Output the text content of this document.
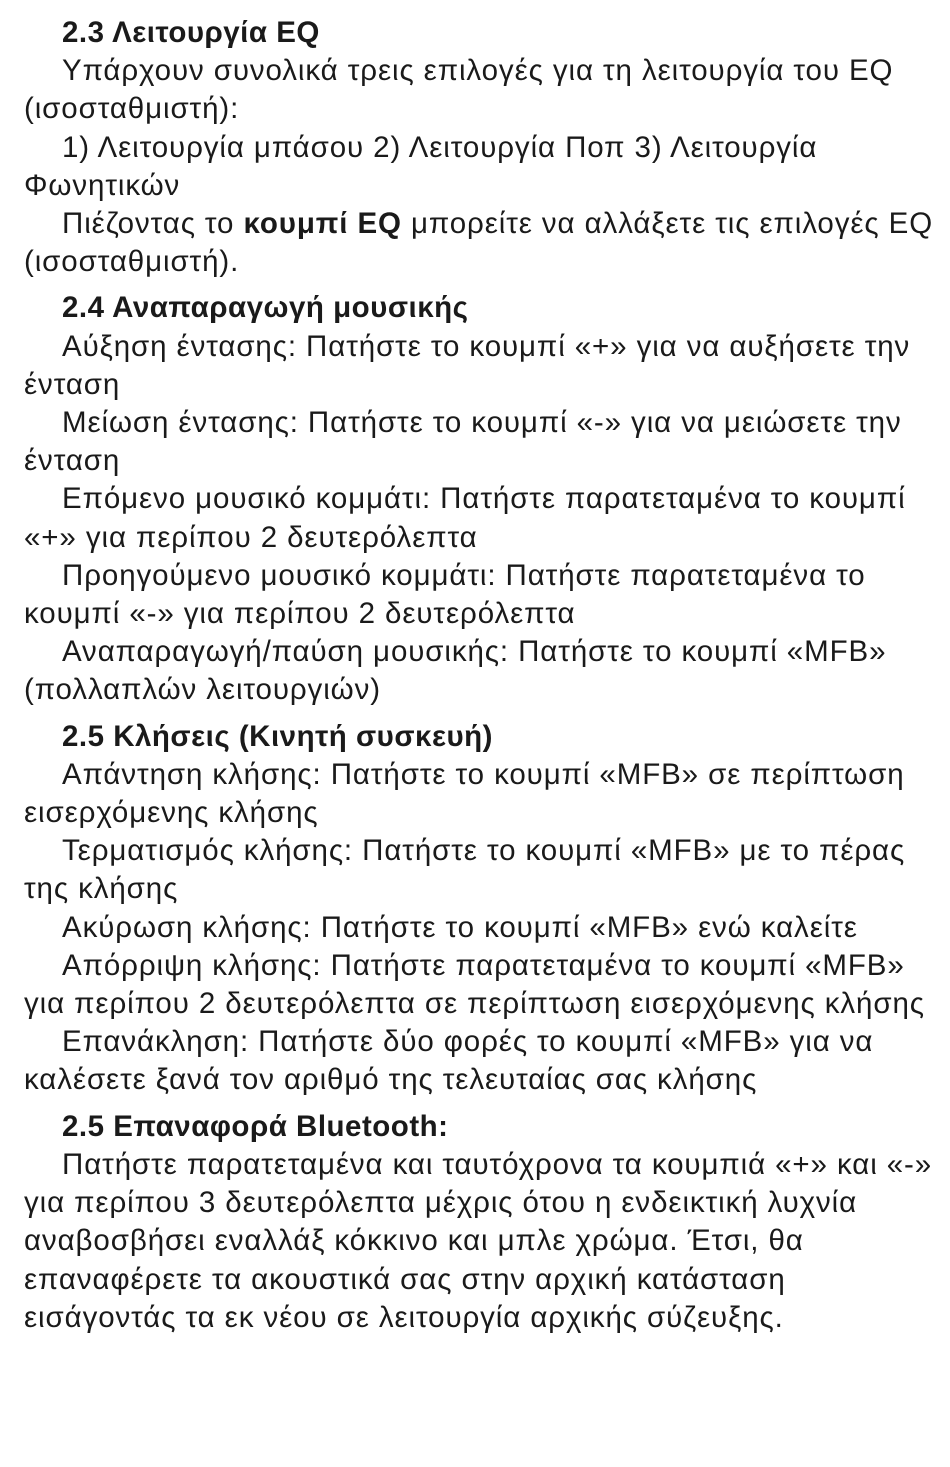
2.3 Λειτουργία EQ

Υπάρχουν συνολικά τρεις επιλογές για τη λειτουργία του EQ (ισοσταθμιστή):

1) Λειτουργία μπάσου 2) Λειτουργία Ποπ 3) Λειτουργία Φωνητικών

Πιέζοντας το κουμπί EQ μπορείτε να αλλάξετε τις επιλογές EQ (ισοσταθμιστή).

2.4 Αναπαραγωγή μουσικής

Αύξηση έντασης: Πατήστε το κουμπί «+» για να αυξήσετε την ένταση

Μείωση έντασης: Πατήστε το κουμπί «-» για να μειώσετε την ένταση

Επόμενο μουσικό κομμάτι: Πατήστε παρατεταμένα το κουμπί «+» για περίπου 2 δευτερόλεπτα

Προηγούμενο μουσικό κομμάτι: Πατήστε παρατεταμένα το κουμπί «-» για περίπου 2 δευτερόλεπτα

Αναπαραγωγή/παύση μουσικής: Πατήστε το κουμπί «MFB» (πολλαπλών λειτουργιών)

2.5 Κλήσεις (Κινητή συσκευή)

Απάντηση κλήσης: Πατήστε το κουμπί «MFB» σε περίπτωση εισερχόμενης κλήσης

Τερματισμός κλήσης: Πατήστε το κουμπί «MFB» με το πέρας της κλήσης

Ακύρωση κλήσης: Πατήστε το κουμπί «MFB» ενώ καλείτε

Απόρριψη κλήσης: Πατήστε παρατεταμένα το κουμπί «MFB» για περίπου 2 δευτερόλεπτα σε περίπτωση εισερχόμενης κλήσης

Επανάκληση: Πατήστε δύο φορές το κουμπί «MFB» για να καλέσετε ξανά τον αριθμό της τελευταίας σας κλήσης

2.5 Επαναφορά Bluetooth:

Πατήστε παρατεταμένα και ταυτόχρονα τα κουμπιά «+» και «-» για περίπου 3 δευτερόλεπτα μέχρις ότου η ενδεικτική λυχνία αναβοσβήσει εναλλάξ κόκκινο και μπλε χρώμα. Έτσι, θα επαναφέρετε τα ακουστικά σας στην αρχική κατάσταση εισάγοντάς τα εκ νέου σε λειτουργία αρχικής σύζευξης.
